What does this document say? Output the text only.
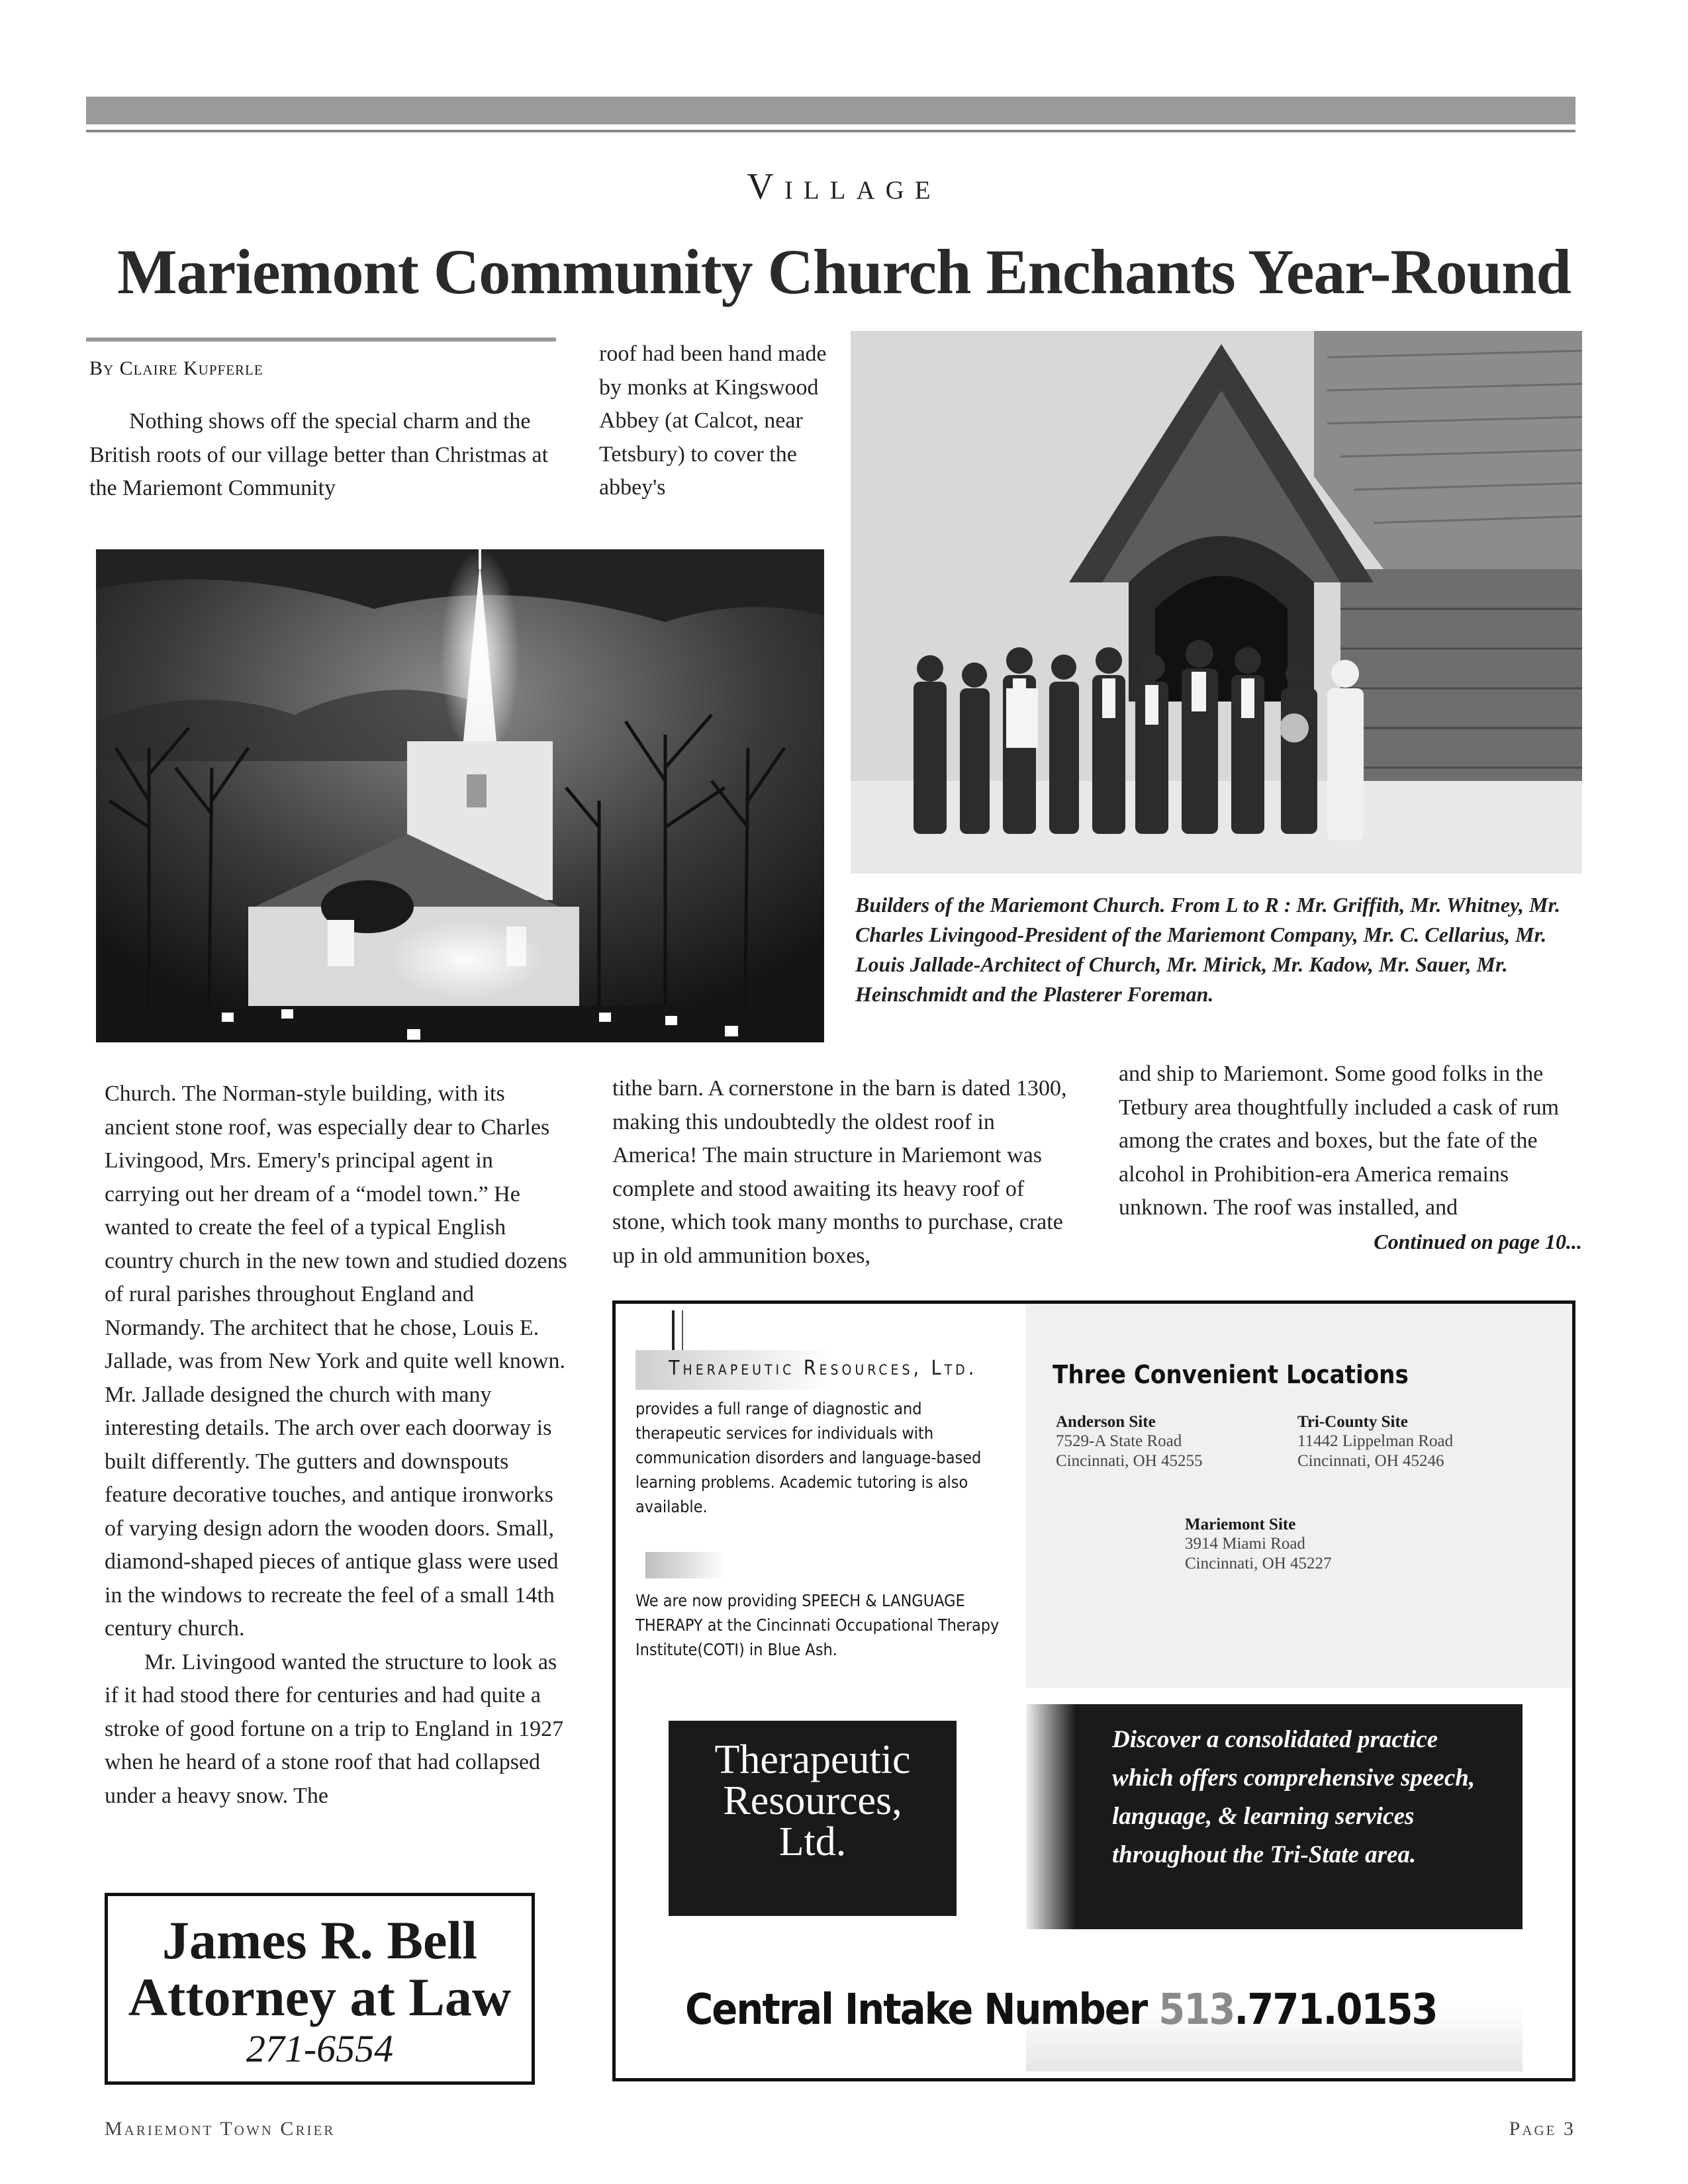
Village
Mariemont Community Church Enchants Year-Round
By Claire Kupferle

Nothing shows off the special charm and the British roots of our village better than Christmas at the Mariemont Community

roof had been hand made by monks at Kingswood Abbey (at Calcot, near Tetsbury) to cover the abbey's

Builders of the Mariemont Church. From L to R : Mr. Griffith, Mr. Whitney, Mr. Charles Livingood-President of the Mariemont Company, Mr. C. Cellarius, Mr. Louis Jallade-Architect of Church, Mr. Mirick, Mr. Kadow, Mr. Sauer, Mr. Heinschmidt and the Plasterer Foreman.

Church. The Norman-style building, with its ancient stone roof, was especially dear to Charles Livingood, Mrs. Emery's principal agent in carrying out her dream of a “model town.” He wanted to create the feel of a typical English country church in the new town and studied dozens of rural parishes throughout England and Normandy. The architect that he chose, Louis E. Jallade, was from New York and quite well known. Mr. Jallade designed the church with many interesting details. The arch over each doorway is built differently. The gutters and downspouts feature decorative touches, and antique ironworks of varying design adorn the wooden doors. Small, diamond-shaped pieces of antique glass were used in the windows to recreate the feel of a small 14th century church.

Mr. Livingood wanted the structure to look as if it had stood there for centuries and had quite a stroke of good fortune on a trip to England in 1927 when he heard of a stone roof that had collapsed under a heavy snow. The

tithe barn. A cornerstone in the barn is dated 1300, making this undoubtedly the oldest roof in America! The main structure in Mariemont was complete and stood awaiting its heavy roof of stone, which took many months to purchase, crate up in old ammunition boxes,

and ship to Mariemont. Some good folks in the Tetbury area thoughtfully included a cask of rum among the crates and boxes, but the fate of the alcohol in Prohibition-era America remains unknown. The roof was installed, and

Continued on page 10...
James R. Bell
Attorney at Law
271-6554
Therapeutic Resources, Ltd.
provides a full range of diagnostic and therapeutic services for individuals with communication disorders and language-based learning problems. Academic tutoring is also available.
We are now providing SPEECH & LANGUAGE THERAPY at the Cincinnati Occupational Therapy Institute(COTI) in Blue Ash.
Three Convenient Locations
Anderson Site
7529-A State Road
Cincinnati, OH 45255
Tri-County Site
11442 Lippelman Road
Cincinnati, OH 45246
Mariemont Site
3914 Miami Road
Cincinnati, OH 45227
Therapeutic
Resources,
Ltd.
Discover a consolidated practice which offers comprehensive speech, language, & learning services throughout the Tri-State area.
Central Intake Number 513.771.0153
Mariemont Town Crier	Page 3
